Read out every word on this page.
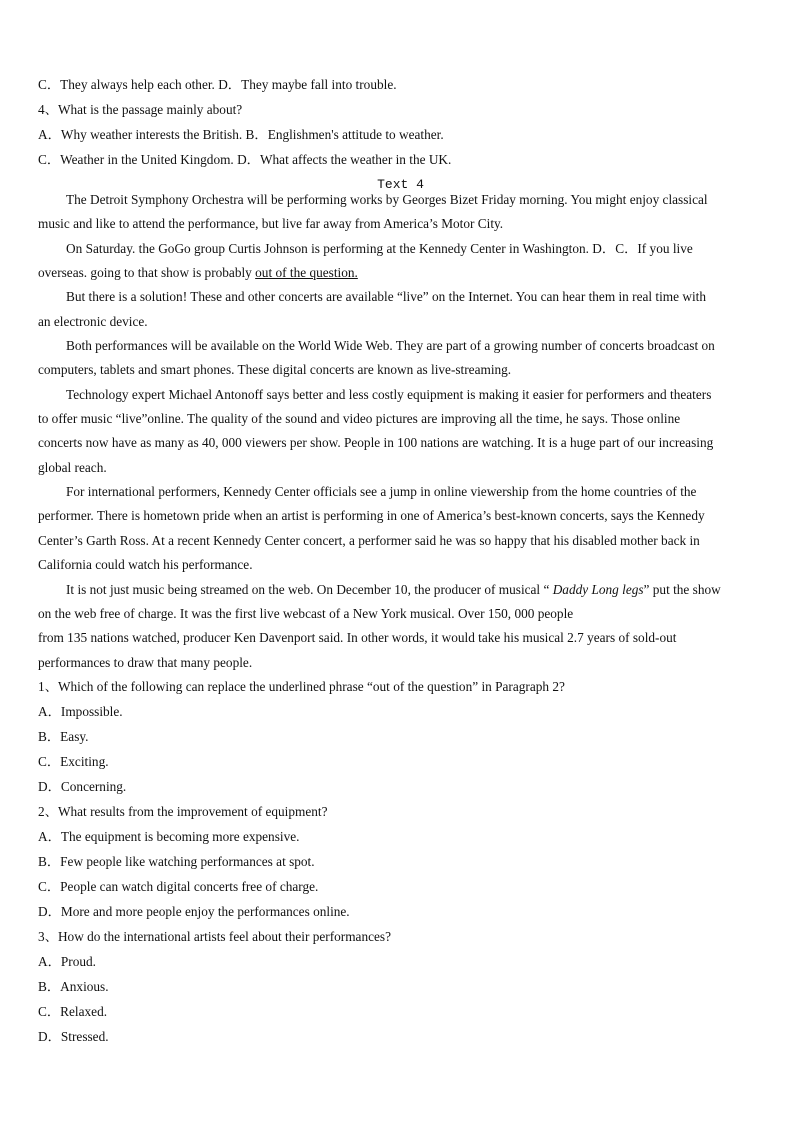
C．They always help each other. D．They maybe fall into trouble.
4、What is the passage mainly about?
A．Why weather interests the British. B．Englishmen's attitude to weather.
C．Weather in the United Kingdom. D．What affects the weather in the UK.
Text 4
The Detroit Symphony Orchestra will be performing works by Georges Bizet Friday morning. You might enjoy classical
music and like to attend the performance, but live far away from America’s Motor City.
On Saturday. the GoGo group Curtis Johnson is performing at the Kennedy Center in Washington. D．C．If you live
overseas. going to that show is probably out of the question.
But there is a solution! These and other concerts are available “live” on the Internet. You can hear them in real time with
an electronic device.
Both performances will be available on the World Wide Web. They are part of a growing number of concerts broadcast on
computers, tablets and smart phones. These digital concerts are known as live-streaming.
Technology expert Michael Antonoff says better and less costly equipment is making it easier for performers and theaters
to offer music “live”online. The quality of the sound and video pictures are improving all the time, he says. Those online
concerts now have as many as 40, 000 viewers per show. People in 100 nations are watching. It is a huge part of our increasing
global reach.
For international performers, Kennedy Center officials see a jump in online viewership from the home countries of the
performer. There is hometown pride when an artist is performing in one of America’s best-known concerts, says the Kennedy
Center’s Garth Ross. At a recent Kennedy Center concert, a performer said he was so happy that his disabled mother back in
California could watch his performance.
It is not just music being streamed on the web. On December 10, the producer of musical “ Daddy Long legs” put the show
on the web free of charge. It was the first live webcast of a New York musical. Over 150, 000 people
from 135 nations watched, producer Ken Davenport said. In other words, it would take his musical 2.7 years of sold-out
performances to draw that many people.
1、Which of the following can replace the underlined phrase “out of the question” in Paragraph 2?
A．Impossible.
B．Easy.
C．Exciting.
D．Concerning.
2、What results from the improvement of equipment?
A．The equipment is becoming more expensive.
B．Few people like watching performances at spot.
C．People can watch digital concerts free of charge.
D．More and more people enjoy the performances online.
3、How do the international artists feel about their performances?
A．Proud.
B．Anxious.
C．Relaxed.
D．Stressed.
